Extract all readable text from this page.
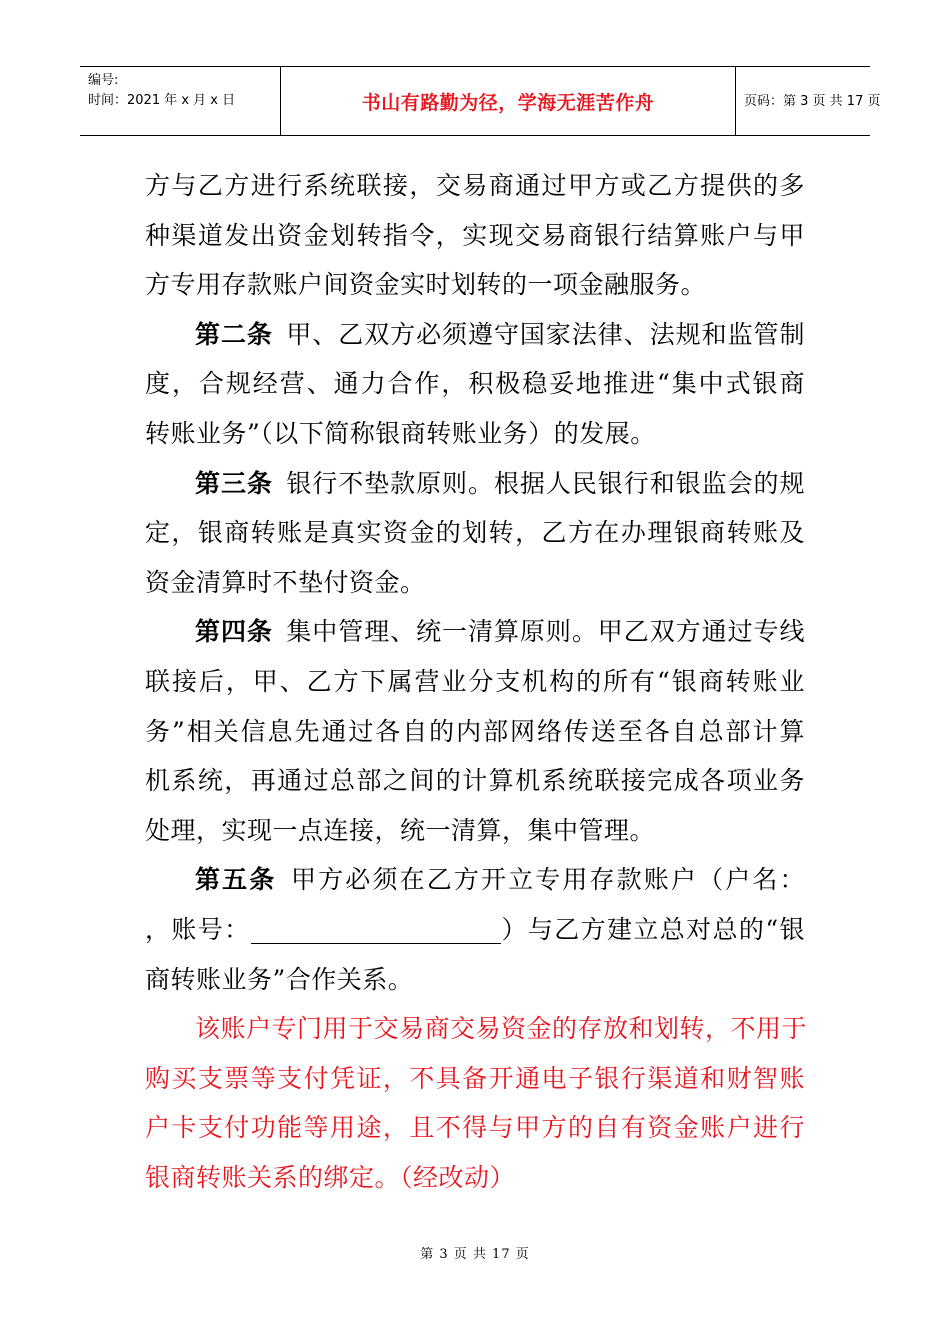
编号:
时间：2021 年 x 月 x 日	书山有路勤为径，学海无涯苦作舟	页码：第 3 页 共 17 页
方与乙方进行系统联接，交易商通过甲方或乙方提供的多
种渠道发出资金划转指令，实现交易商银行结算账户与甲
方专用存款账户间资金实时划转的一项金融服务。
第二条  甲、乙双方必须遵守国家法律、法规和监管制
度，合规经营、通力合作，积极稳妥地推进“集中式银商
转账业务”（以下简称银商转账业务）的发展。
第三条  银行不垫款原则。根据人民银行和银监会的规
定，银商转账是真实资金的划转，乙方在办理银商转账及
资金清算时不垫付资金。
第四条  集中管理、统一清算原则。甲乙双方通过专线
联接后，甲、乙方下属营业分支机构的所有“银商转账业
务”相关信息先通过各自的内部网络传送至各自总部计算
机系统，再通过总部之间的计算机系统联接完成各项业务
处理，实现一点连接，统一清算，集中管理。
第五条  甲方必须在乙方开立专用存款账户（户名：
，账号：	）与乙方建立总对总的“银
商转账业务”合作关系。
该账户专门用于交易商交易资金的存放和划转，不用于
购买支票等支付凭证，不具备开通电子银行渠道和财智账
户卡支付功能等用途，且不得与甲方的自有资金账户进行
银商转账关系的绑定。（经改动）
第 3 页 共 17 页
